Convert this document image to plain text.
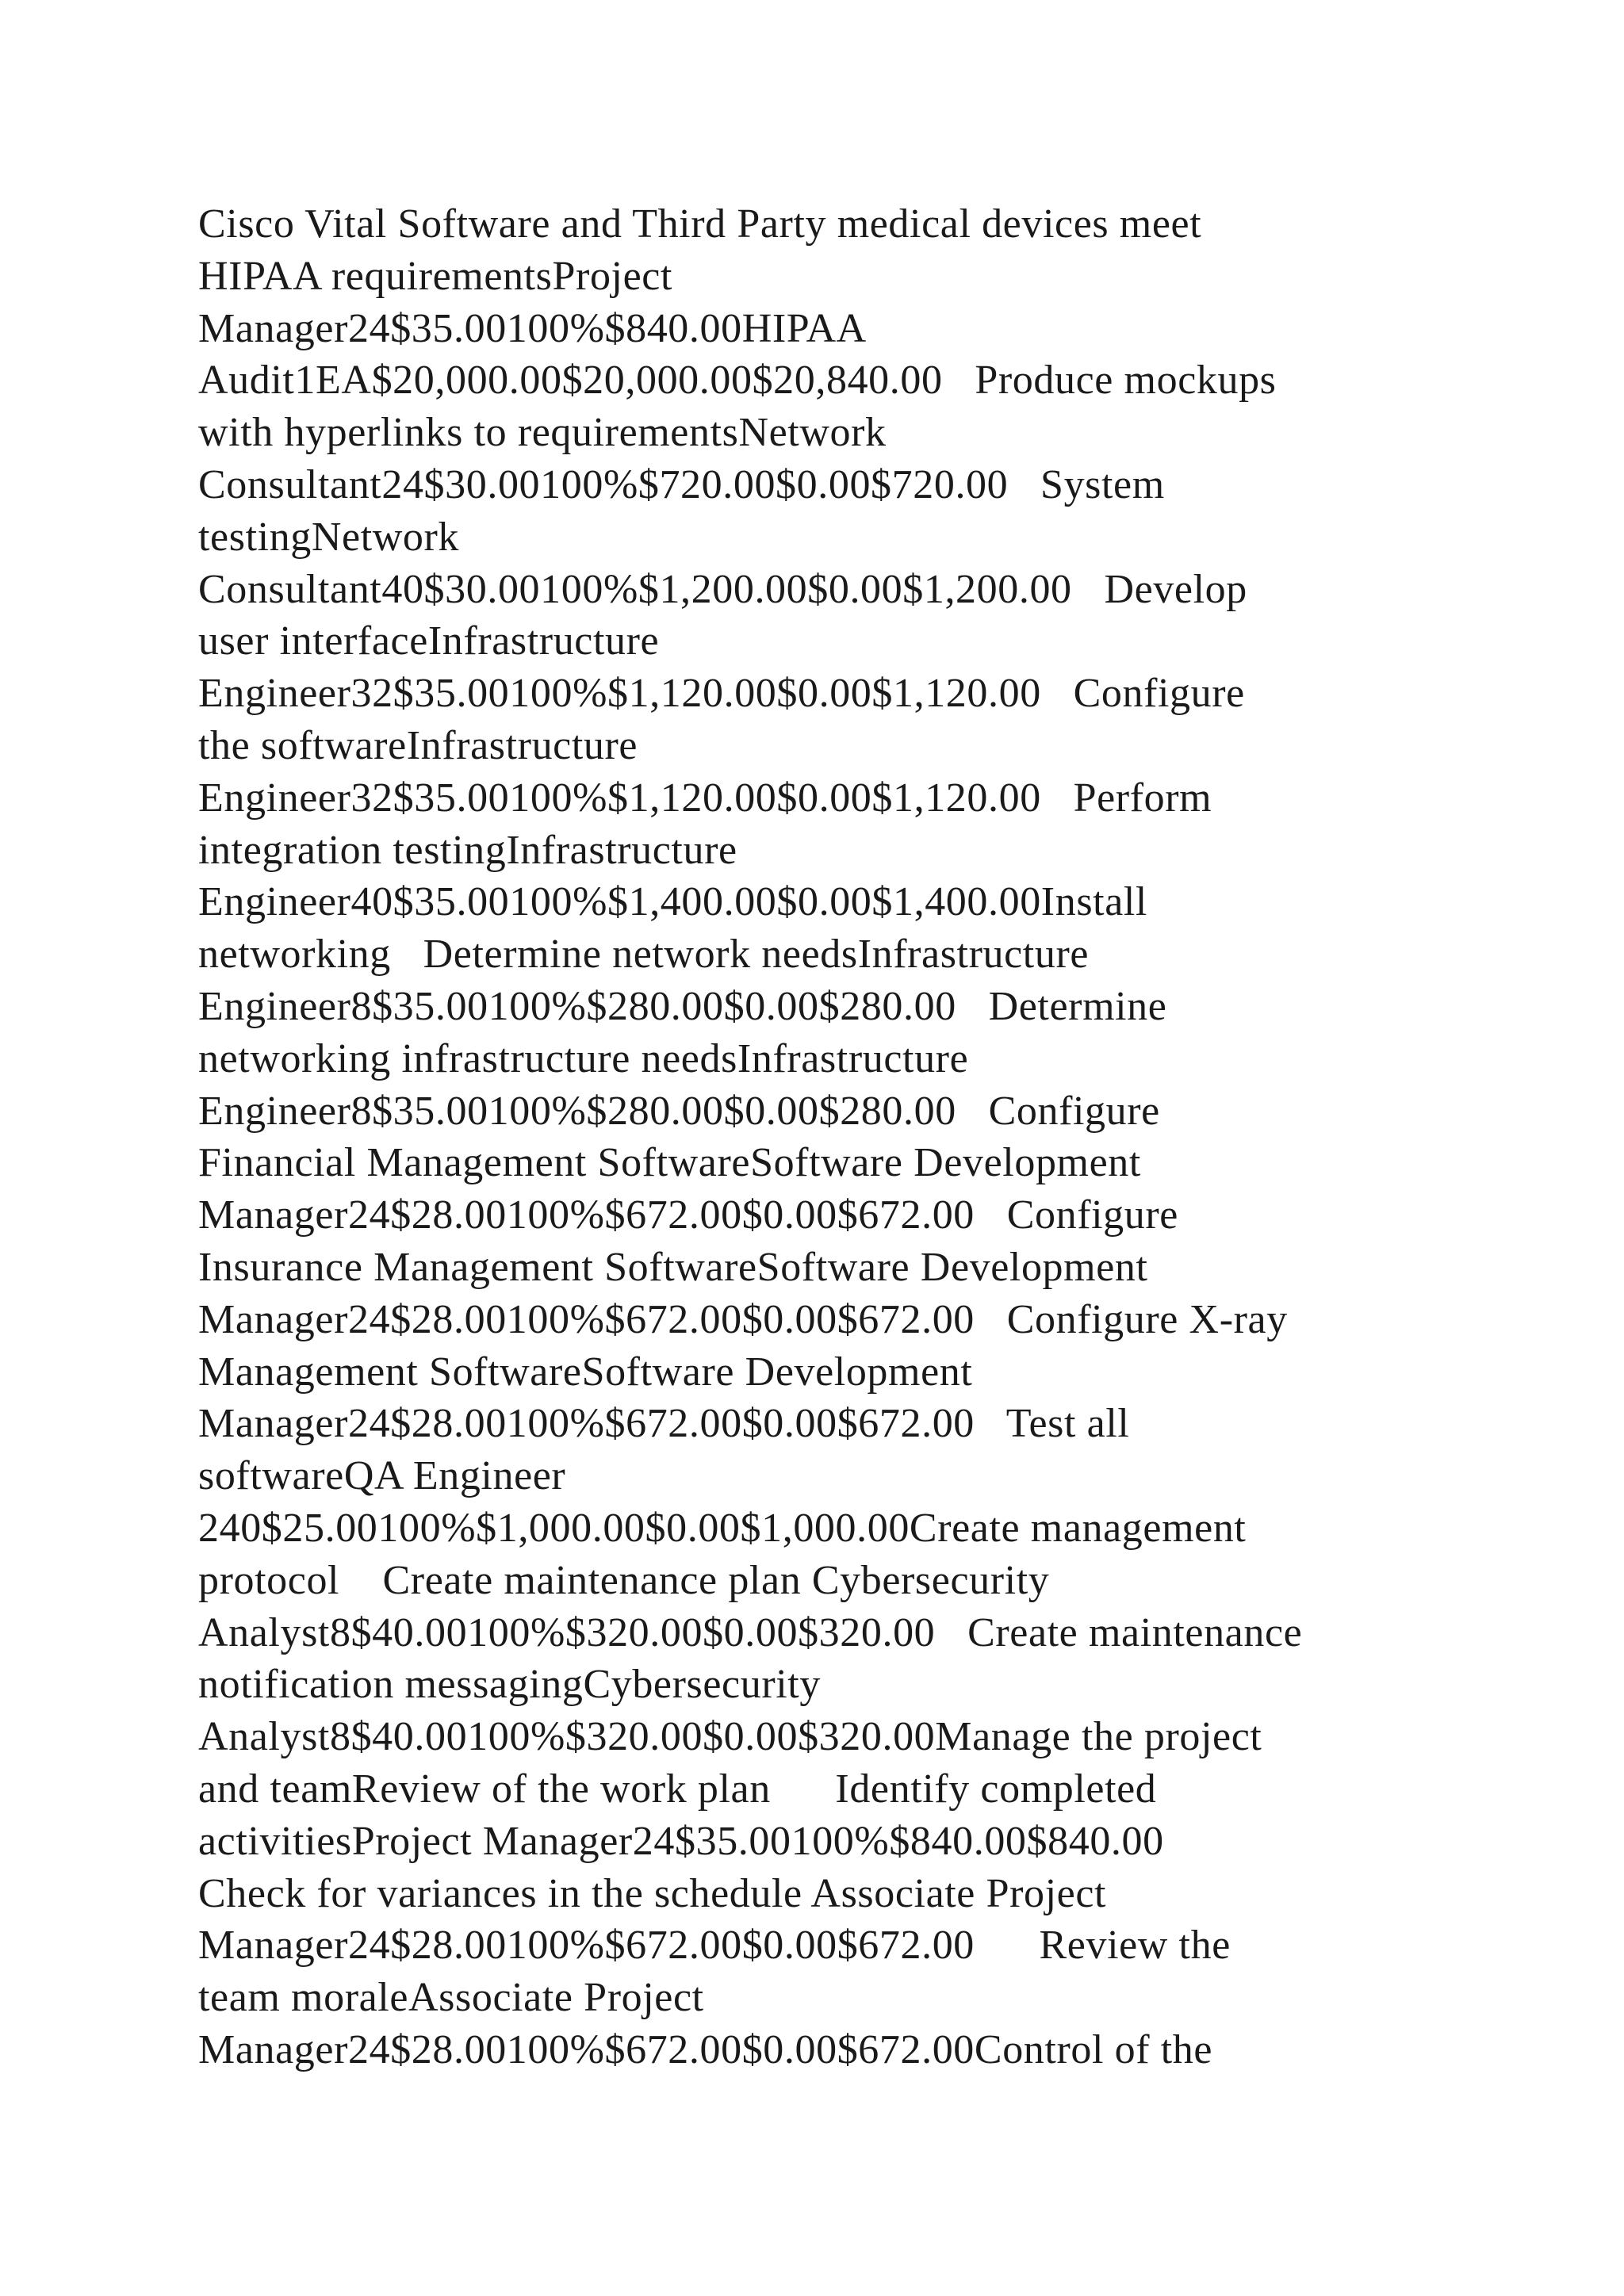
Cisco Vital Software and Third Party medical devices meet
HIPAA requirementsProject
Manager24$35.00100%$840.00HIPAA
Audit1EA$20,000.00$20,000.00$20,840.00   Produce mockups
with hyperlinks to requirementsNetwork
Consultant24$30.00100%$720.00$0.00$720.00   System
testingNetwork
Consultant40$30.00100%$1,200.00$0.00$1,200.00   Develop
user interfaceInfrastructure
Engineer32$35.00100%$1,120.00$0.00$1,120.00   Configure
the softwareInfrastructure
Engineer32$35.00100%$1,120.00$0.00$1,120.00   Perform
integration testingInfrastructure
Engineer40$35.00100%$1,400.00$0.00$1,400.00Install
networking   Determine network needsInfrastructure
Engineer8$35.00100%$280.00$0.00$280.00   Determine
networking infrastructure needsInfrastructure
Engineer8$35.00100%$280.00$0.00$280.00   Configure
Financial Management SoftwareSoftware Development
Manager24$28.00100%$672.00$0.00$672.00   Configure
Insurance Management SoftwareSoftware Development
Manager24$28.00100%$672.00$0.00$672.00   Configure X-ray
Management SoftwareSoftware Development
Manager24$28.00100%$672.00$0.00$672.00   Test all
softwareQA Engineer
240$25.00100%$1,000.00$0.00$1,000.00Create management
protocol    Create maintenance plan Cybersecurity
Analyst8$40.00100%$320.00$0.00$320.00   Create maintenance
notification messagingCybersecurity
Analyst8$40.00100%$320.00$0.00$320.00Manage the project
and teamReview of the work plan      Identify completed
activitiesProject Manager24$35.00100%$840.00$840.00
Check for variances in the schedule Associate Project
Manager24$28.00100%$672.00$0.00$672.00      Review the
team moraleAssociate Project
Manager24$28.00100%$672.00$0.00$672.00Control of the
